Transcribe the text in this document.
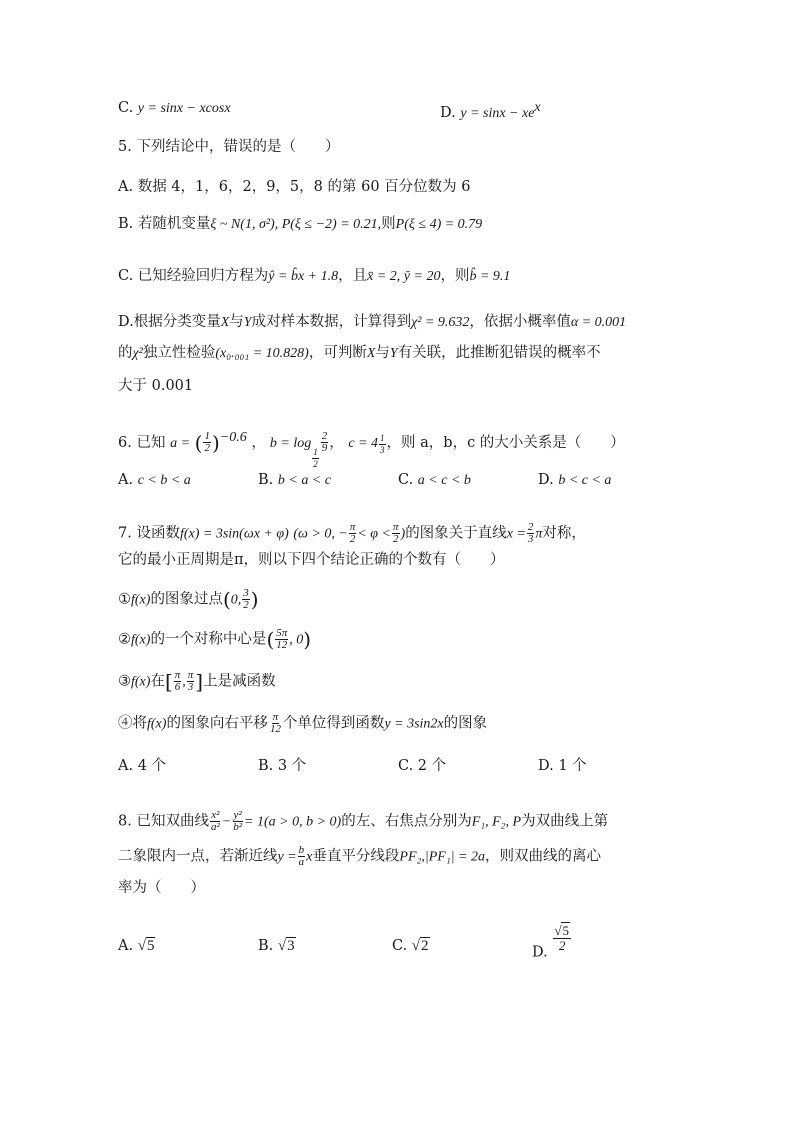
C. y = sinx − xcosx	D. $y = \sin x - xe^x$
5. 下列结论中，错误的是（　　）
A. 数据 4，1，6，2，9，5，8 的第 60 百分位数为 6
B. 若随机变量ξ ~ N(1, σ²), P(ξ ≤ −2) = 0.21,则P(ξ ≤ 4) = 0.79
C. 已知经验回归方程为ŷ = b̂x + 1.8，且x̄ = 2, ȳ = 20，则b̂ = 9.1
D.根据分类变量X与Y成对样本数据，计算得到χ² = 9.632，依据小概率值α = 0.001
的χ²独立性检验(x₀.₀₀₁ = 10.828)，可判断X与Y有关联，此推断犯错误的概率不
大于 0.001
6. 已知 a = ( $\frac{1}{2} )^{-0.6}$ ， b = log
$\frac{1}{2}$
$\frac{2}{9}$ ， $c = 4 \frac{1}{3}$ ，则 a，b，c 的大小关系是（　　）
A. c < b < a	B. b < a < c	C. a < c < b	D. b < c < a
7. 设函数f(x) = 3sin(ωx + φ) (ω > 0, − $\frac{\pi}{2} < \varphi < \frac{\pi}{2}$ )的图象关于直线$x = \frac{2}{3}$ π对称，
它的最小正周期是π，则以下四个结论正确的个数有（　　）
①f(x)的图象过点(0, $\frac{3}{2}$ )
②f(x)的一个对称中心是( $\frac{5\pi}{12}$ , 0)
③f(x)在[ $\frac{\pi}{6}$ , $\frac{\pi}{3}$ ]上是减函数
④将f(x)的图象向右平移 $\frac{\pi}{12}$ 个单位得到函数y = 3sin2x的图象
A. 4 个	B. 3 个	C. 2 个	D. 1 个
8. 已知双曲线 $\frac{\text{x²}}{\text{a²}} - \frac{\text{y²}}{\text{b²}} = 1(a > 0$, b > 0)的左、右焦点分别为F₁, F₂, P为双曲线上第
二象限内一点，若渐近线$y = \frac{b}{a}$ x垂直平分线段PF₂,|PF₁| = 2a，则双曲线的离心
率为（　　）
A. √5	B. √3	C. √2	D. $\frac{√5}{2}$
